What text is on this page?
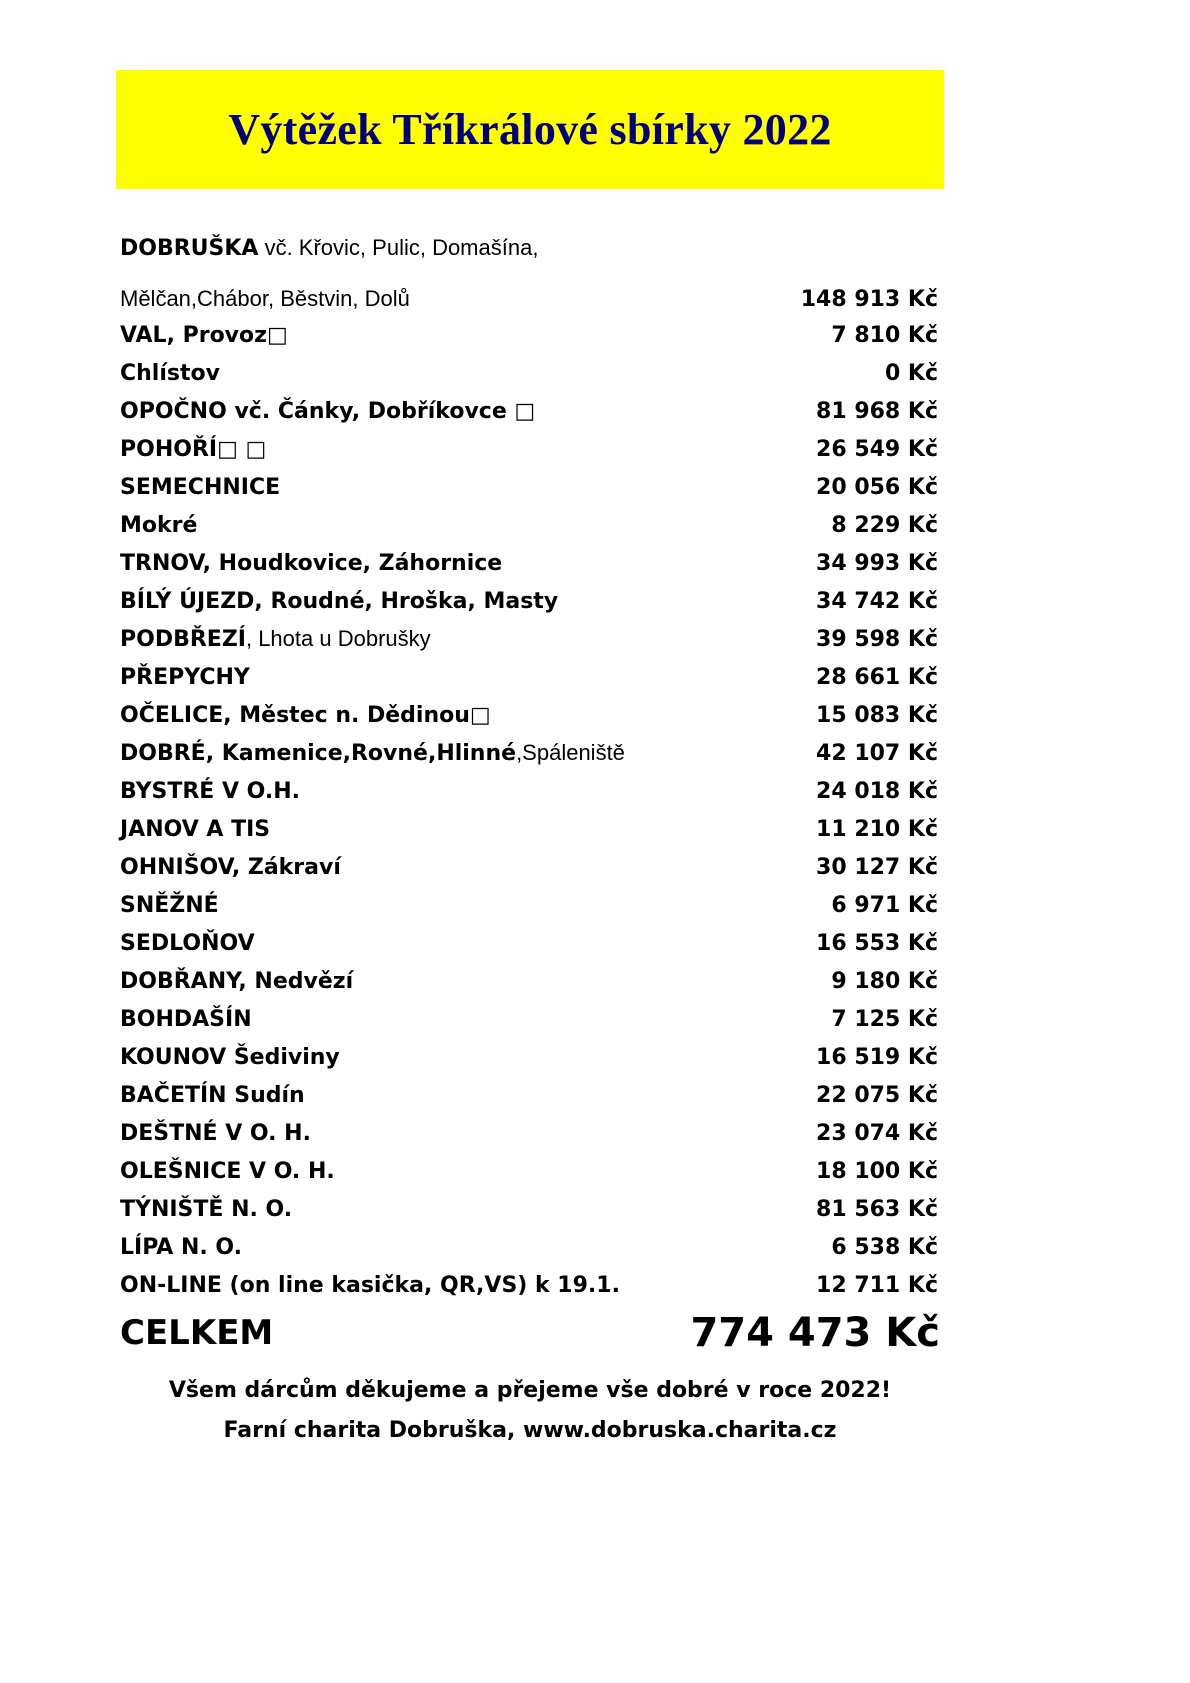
Výtěžek Tříkrálové sbírky 2022
DOBRUŠKA vč. Křovic, Pulic, Domašína,
Mělčan,Chábor, Běstvin, Dolů	148 913 Kč
VAL, Provoz□	7 810 Kč
Chlístov	0 Kč
OPOČNO vč. Čánky, Dobříkovce □	81 968 Kč
POHOŘÍ□ □	26 549 Kč
SEMECHNICE	20 056 Kč
Mokré	8 229 Kč
TRNOV, Houdkovice, Záhornice	34 993 Kč
BÍLÝ ÚJEZD, Roudné, Hroška, Masty	34 742 Kč
PODBŘEZÍ, Lhota u Dobrušky	39 598 Kč
PŘEPYCHY	28 661 Kč
OČELICE, Městec n. Dědinou□	15 083 Kč
DOBRÉ, Kamenice,Rovné,Hlinné,Spáleniště	42 107 Kč
BYSTRÉ V O.H.	24 018 Kč
JANOV A TIS	11 210 Kč
OHNIŠOV, Zákraví	30 127 Kč
SNĚŽNÉ	6 971 Kč
SEDLOŇOV	16 553 Kč
DOBŘANY, Nedvězí	9 180 Kč
BOHDAŠÍN	7 125 Kč
KOUNOV Šediviny	16 519 Kč
BAČETÍN Sudín	22 075 Kč
DEŠTNÉ V O. H.	23 074 Kč
OLEŠNICE V O. H.	18 100 Kč
TÝNIŠTĚ N. O.	81 563 Kč
LÍPA N. O.	6 538 Kč
ON-LINE (on line kasička, QR,VS) k 19.1.	12 711 Kč
CELKEM	774 473 Kč
Všem dárcům děkujeme a přejeme vše dobré v roce 2022!
Farní charita Dobruška, www.dobruska.charita.cz
